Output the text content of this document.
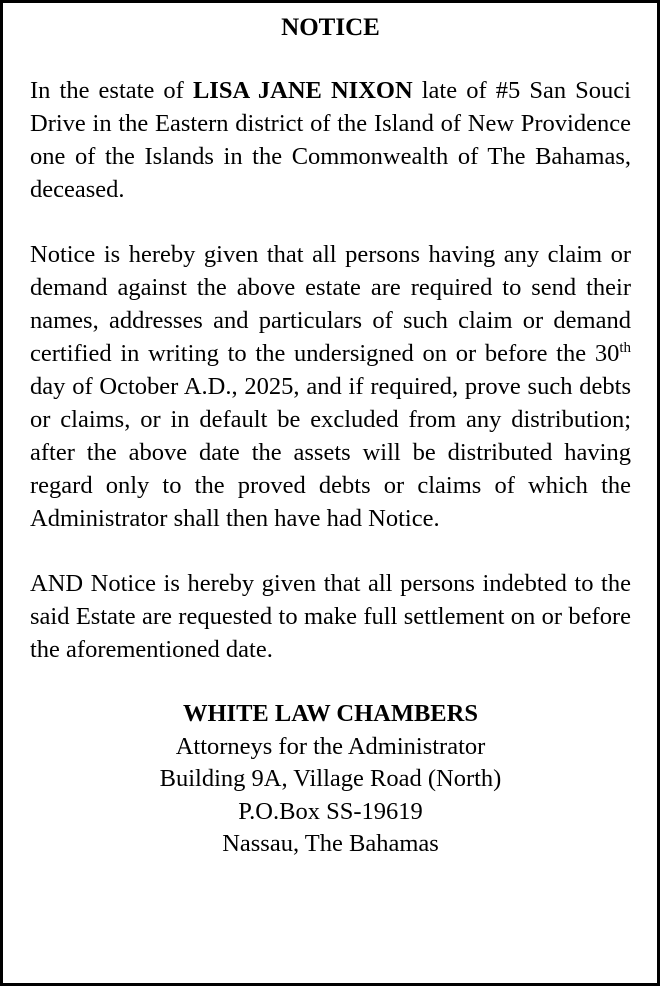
NOTICE

In the estate of LISA JANE NIXON late of #5 San Souci Drive in the Eastern district of the Island of New Providence one of the Islands in the Commonwealth of The Bahamas, deceased.

Notice is hereby given that all persons having any claim or demand against the above estate are required to send their names, addresses and particulars of such claim or demand certified in writing to the undersigned on or before the 30th day of October A.D., 2025, and if required, prove such debts or claims, or in default be excluded from any distribution; after the above date the assets will be distributed having regard only to the proved debts or claims of which the Administrator shall then have had Notice.

AND Notice is hereby given that all persons indebted to the said Estate are requested to make full settlement on or before the aforementioned date.

WHITE LAW CHAMBERS
Attorneys for the Administrator
Building 9A, Village Road (North)
P.O.Box SS-19619
Nassau, The Bahamas
